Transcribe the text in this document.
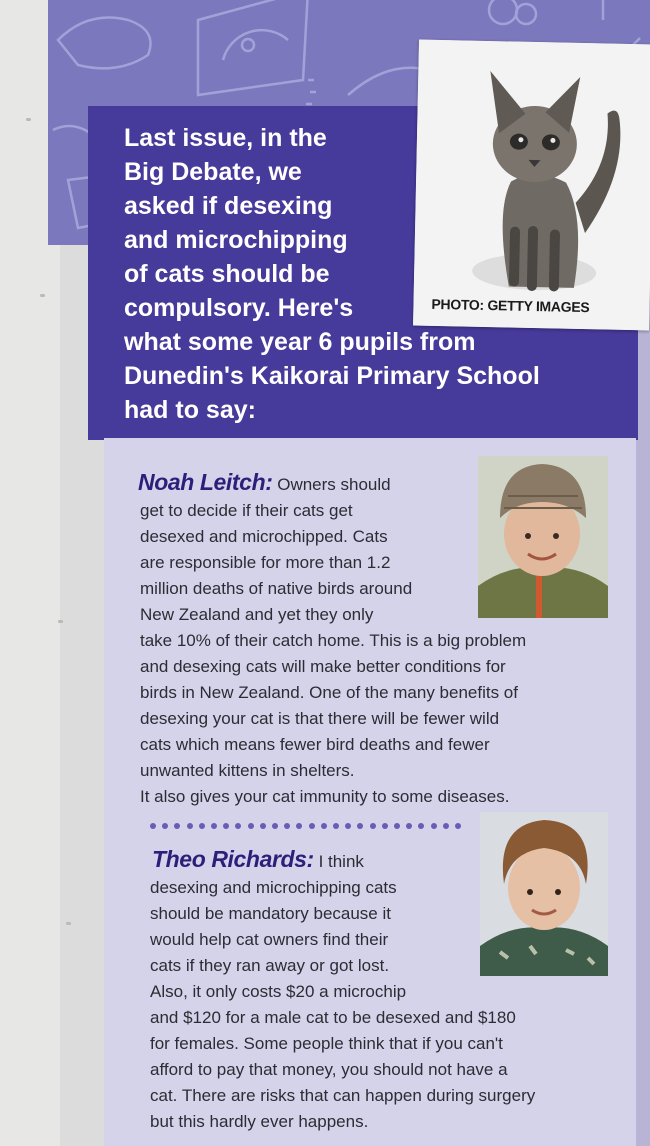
Last issue, in the
Big Debate, we
asked if desexing
and microchipping
of cats should be
compulsory. Here's
what some year 6 pupils from
Dunedin's Kaikorai Primary School
had to say:
PHOTO: GETTY IMAGES
Noah Leitch: Owners should
get to decide if their cats get
desexed and microchipped. Cats
are responsible for more than 1.2
million deaths of native birds around
New Zealand and yet they only
take 10% of their catch home. This is a big problem
and desexing cats will make better conditions for
birds in New Zealand. One of the many benefits of
desexing your cat is that there will be fewer wild
cats which means fewer bird deaths and fewer
unwanted kittens in shelters.
It also gives your cat immunity to some diseases.
Theo Richards: I think
desexing and microchipping cats
should be mandatory because it
would help cat owners find their
cats if they ran away or got lost.
Also, it only costs $20 a microchip
and $120 for a male cat to be desexed and $180
for females. Some people think that if you can't
afford to pay that money, you should not have a
cat. There are risks that can happen during surgery
but this hardly ever happens.
